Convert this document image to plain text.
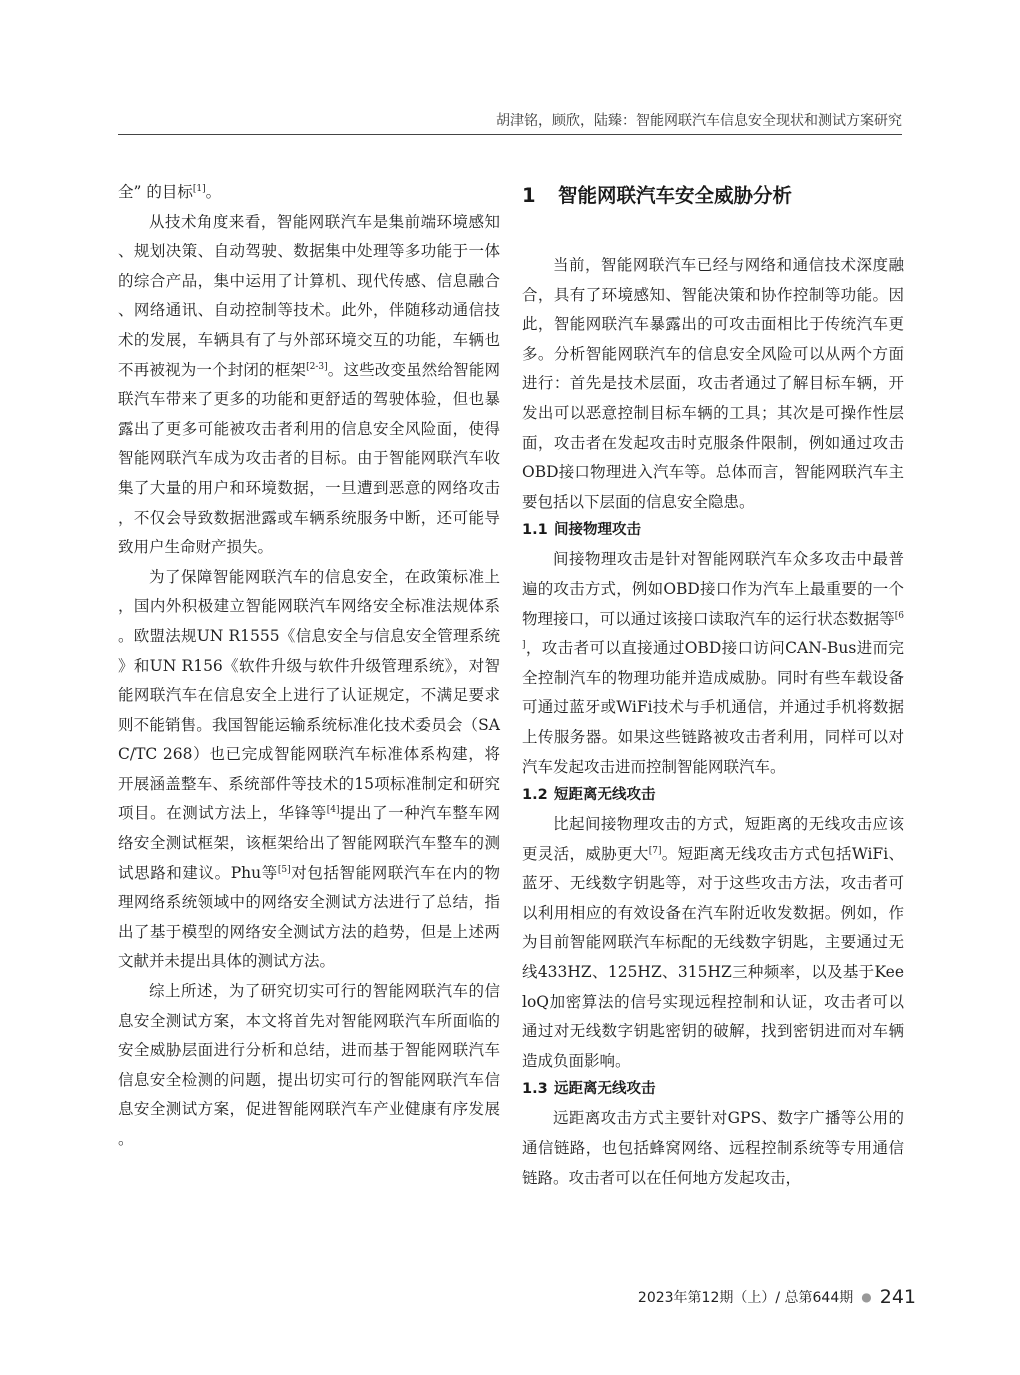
胡津铭，顾欣，陆臻：智能网联汽车信息安全现状和测试方案研究

全” 的目标[1]。

从技术角度来看，智能网联汽车是集前端环境感知、规划决策、自动驾驶、数据集中处理等多功能于一体的综合产品，集中运用了计算机、现代传感、信息融合、网络通讯、自动控制等技术。此外，伴随移动通信技术的发展，车辆具有了与外部环境交互的功能，车辆也不再被视为一个封闭的框架[2-3]。这些改变虽然给智能网联汽车带来了更多的功能和更舒适的驾驶体验，但也暴露出了更多可能被攻击者利用的信息安全风险面，使得智能网联汽车成为攻击者的目标。由于智能网联汽车收集了大量的用户和环境数据，一旦遭到恶意的网络攻击，不仅会导致数据泄露或车辆系统服务中断，还可能导致用户生命财产损失。

为了保障智能网联汽车的信息安全，在政策标准上，国内外积极建立智能网联汽车网络安全标准法规体系。欧盟法规UN R1555《信息安全与信息安全管理系统》和UN R156《软件升级与软件升级管理系统》，对智能网联汽车在信息安全上进行了认证规定，不满足要求则不能销售。我国智能运输系统标准化技术委员会（SAC/TC 268）也已完成智能网联汽车标准体系构建，将开展涵盖整车、系统部件等技术的15项标准制定和研究项目。在测试方法上，华锋等[4]提出了一种汽车整车网络安全测试框架，该框架给出了智能网联汽车整车的测试思路和建议。Phu等[5]对包括智能网联汽车在内的物理网络系统领域中的网络安全测试方法进行了总结，指出了基于模型的网络安全测试方法的趋势，但是上述两文献并未提出具体的测试方法。

综上所述，为了研究切实可行的智能网联汽车的信息安全测试方案，本文将首先对智能网联汽车所面临的安全威胁层面进行分析和总结，进而基于智能网联汽车信息安全检测的问题，提出切实可行的智能网联汽车信息安全测试方案，促进智能网联汽车产业健康有序发展。

1 智能网联汽车安全威胁分析

当前，智能网联汽车已经与网络和通信技术深度融合，具有了环境感知、智能决策和协作控制等功能。因此，智能网联汽车暴露出的可攻击面相比于传统汽车更多。分析智能网联汽车的信息安全风险可以从两个方面进行：首先是技术层面，攻击者通过了解目标车辆，开发出可以恶意控制目标车辆的工具；其次是可操作性层面，攻击者在发起攻击时克服条件限制，例如通过攻击OBD接口物理进入汽车等。总体而言，智能网联汽车主要包括以下层面的信息安全隐患。

1.1 间接物理攻击

间接物理攻击是针对智能网联汽车众多攻击中最普遍的攻击方式，例如OBD接口作为汽车上最重要的一个物理接口，可以通过该接口读取汽车的运行状态数据等[6]，攻击者可以直接通过OBD接口访问CAN-Bus进而完全控制汽车的物理功能并造成威胁。同时有些车载设备可通过蓝牙或WiFi技术与手机通信，并通过手机将数据上传服务器。如果这些链路被攻击者利用，同样可以对汽车发起攻击进而控制智能网联汽车。

1.2 短距离无线攻击

比起间接物理攻击的方式，短距离的无线攻击应该更灵活，威胁更大[7]。短距离无线攻击方式包括WiFi、蓝牙、无线数字钥匙等，对于这些攻击方法，攻击者可以利用相应的有效设备在汽车附近收发数据。例如，作为目前智能网联汽车标配的无线数字钥匙，主要通过无线433HZ、125HZ、315HZ三种频率，以及基于KeeloQ加密算法的信号实现远程控制和认证，攻击者可以通过对无线数字钥匙密钥的破解，找到密钥进而对车辆造成负面影响。

1.3 远距离无线攻击

远距离攻击方式主要针对GPS、数字广播等公用的通信链路，也包括蜂窝网络、远程控制系统等专用通信链路。攻击者可以在任何地方发起攻击，

2023年第12期（上）/ 总第644期 ● 241
